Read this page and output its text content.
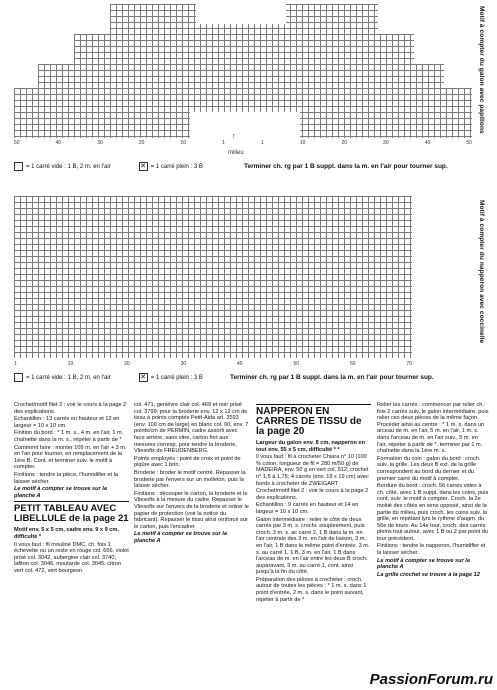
Motif à compter du galon avec papillons
50	40	30	20	10	1	1	10	20	30	40	50
↑
milieu
= 1 carré vide : 1 B, 2 m. en l'air	✕ = 1 carré plein : 3 B	Terminer ch. rg par 1 B suppl. dans la m. en l'air pour tourner sup.
Motif à compter du napperon avec coccinelle
1	10	20	30	40	50	60	70
= 1 carré vide : 1 B, 2 m. en l'air	✕ = 1 carré plein : 3 B	Terminer ch. rg par 1 B suppl. dans la m. en l'air pour tourner sup.

Crochet/motif filet 2 : voir le cours à la page 2 des explications.

Echantillon : 13 carrés en hauteur et 12 en largeur = 10 x 10 cm.

Finition du bord : * 1 m. s., 4 m. en l'air, 1 m. chaînette dans la m. s., répéter à partir de *

Comment faire : monter 109 m. en l'air + 3 m. en l'air pour tourner, en remplacement de la 1ère B. Cont. et terminer suiv. le motif à compter.

Finitions : tendre la pièce, l'humidifier et la laisser sécher.

Le motif à compter se trouve sur la planche A

PETIT TABLEAU AVEC LIBELLULE de la page 21

Motif env. 5 x 5 cm, cadre env. 9 x 9 cm, difficulté *

Il vous faut : fil mouliné DMC, ch. fois 1 échevette ou un reste en rouge col. 666, violet prisé col. 3042, aubergine clair col. 3740, lafiton col. 3046, moutarde col. 3045, citron vert col. 472, vert bourgeon

col. 471, genièvre clair col. 469 et noir prisé col. 3799; pour la broderie env. 12 x 12 cm de tissu à points comptés Petit-Aida art. 3593 (env. 100 cm de large) en blanc col. 00, env. 7 points/cm de PERMIN, cadre assorti avec face arrière, sans vitre, carton fort aux mesures corresp. pour tendre la broderie, Vliesofix de FREUDENBERG.

Points employés : point de croix et point de piqûre avec 1 brin.

Broderie : broder le motif centré. Repasser la broderie par l'envers sur un molleton, puis la laisser sécher.

Finitions : découper le carton, la broderie et le Vliesofix à la mesure du cadre. Repasser le Vliesofix sur l'envers de la broderie et retirer le papier de protection (voir la notice du fabricant). Repasser le tissu ainsi renforcé sur le carton, puis l'encadrer

Le motif à compter se trouve sur la planche A

NAPPERON EN CARRES DE TISSU de la page 20

Largeur du galon env. 8 cm, napperon en tout env. 55 x 5 cm, difficulté * *

Il vous faut : fil à crocheter Chiara n° 10 (100 % coton, longueur de fil = 280 m/50 g) de MADEIRA, env. 50 g en vert col. 512; crochet n° 1,5 à 1,75; 4 carrés (env. 19 x 19 cm) avec bords à crocheter de ZWEIGART

Crochet/motif filet 2 : voir le cours à la page 2 des explications.

Echantillon : 9 carrés en hauteur et 14 en largeur = 10 x 10 cm.

Galon intermédiaire : relier le côté de deux carrés par 3 m. s. crochi. soupleement, puis croch. 3 m. s. ac carré 2, 1 B dans la m. en l'air centrale des 3 m. en l'air de liaison, 3 m. en l'air, 1 B dans le même point d'entrée, 3 m. s. au carré 1, 1 B, 3 m. en l'air, 1 B dans l'arceau de m. en l'air entre les deux B croch. auparavant, 3 m. au carré 1, cont. ainsi jusqu'à la fin du côté.

Préparation des pièces à crocheter : croch. autour de toutes les pièces : * 1 m. s. dans 1 point d'entrée, 2 m. s. dans le point suivant, répéter à partir de *

Relier les carrés : commencer par relier ch. fois 2 carrés suiv. le galon intermédiaire, puis relier ces deux pièces de la même façon. Procéder ainsi au centre : * 1 m. s. dans un arceau de m. en l'air, 5 m. en l'air, 1 m. s. dans l'arceau de m. en l'air suiv., 5 m. en l'air, répéter à partir de *. terminer par 1 m. chaînette dans la 1ère m. s.

Formation du coin : galon du bord : croch. suiv. la grille. Les deux B ext. de la grille correspondent au bord du dernier et du premier carré du motif à compter.

Bordure du bord : croch. 56 carrés vides à ch. côté, avec 1 B suppl. dans les coins, puis cont. suiv. le motif à compter. Croch. la 2e moitié des côtés en sens opposé, ainsi de la partie du milieu, puis croch. les coins suiv. la grille, en répétant lyrs le rythme d'augm. du 56e de tours. Au 14e tour, croch. des carrés pleins tout autour, avec 1 B ou 2 par point du tour précédent.

Finitions : tendre le napperon, l'humidifier et la laisser sécher.

Le motif à compter se trouve sur la planche A

La grille crochet se trouve à la page 12

PassionForum.ru
